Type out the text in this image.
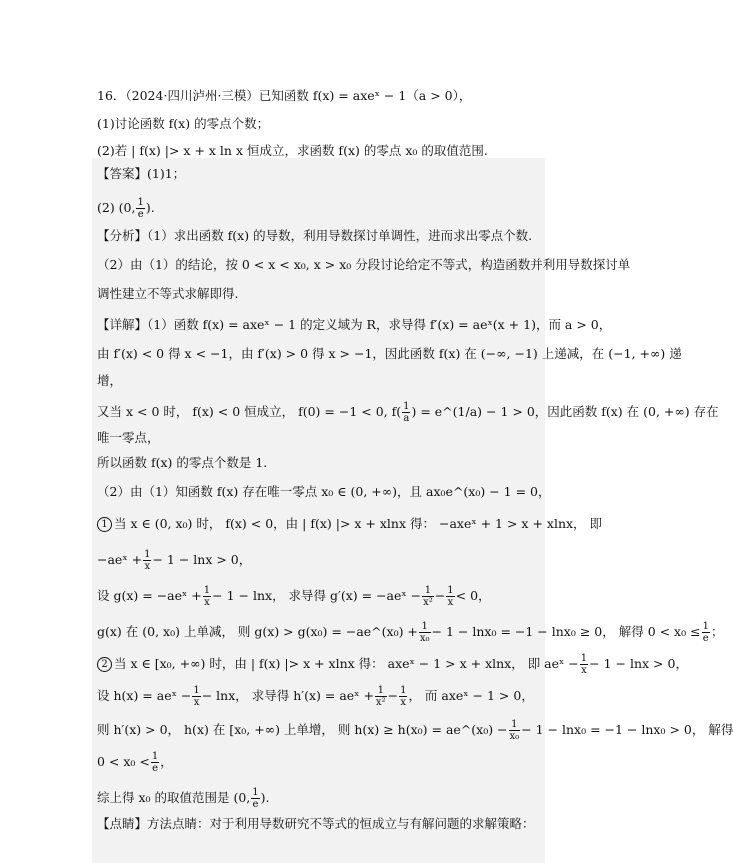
16．（2024·四川泸州·三模）已知函数 f(x) = axeˣ − 1（a > 0），
(1)讨论函数 f(x) 的零点个数；
(2)若 | f(x) |> x + x ln x 恒成立，求函数 f(x) 的零点 x₀ 的取值范围.
【答案】(1)1；
(2) (0, $\frac{1}{e}$ ).
【分析】（1）求出函数 f(x) 的导数，利用导数探讨单调性，进而求出零点个数.
（2）由（1）的结论，按 0 < x < x₀, x > x₀ 分段讨论给定不等式，构造函数并利用导数探讨单
调性建立不等式求解即得.
【详解】（1）函数 f(x) = axeˣ − 1 的定义域为 R，求导得 f′(x) = aeˣ(x + 1)，而 a > 0，
由 f′(x) < 0 得 x < −1，由 f′(x) > 0 得 x > −1，因此函数 f(x) 在 (−∞, −1) 上递减，在 (−1, +∞) 递
增，
又当 x < 0 时， f(x) < 0 恒成立， f(0) = −1 < 0, $f( \frac{1}{a}$ ) = e^(1/a) − 1 > 0，因此函数 f(x) 在 (0, +∞) 存在
唯一零点，
所以函数 f(x) 的零点个数是 1.
（2）由（1）知函数 f(x) 存在唯一零点 x₀ ∈ (0, +∞)，且 ax₀e^(x₀) − 1 = 0，
1 当 x ∈ (0, x₀) 时， f(x) < 0，由 | f(x) |> x + xlnx 得： −axeˣ + 1 > x + xlnx， 即
−aeˣ + $\frac{1}{x} - 1 - \ln x > 0$，
设 g(x) = −aeˣ + $\frac{1}{x} - 1 - \ln x$， 求导得 g′(x) = −aeˣ − $\frac{1}{\text{x²}} - \frac{1}{x} < 0$，
g(x) 在 (0, x₀) 上单减， 则 g(x) > g(x₀) = −ae^(x₀) + $\frac{1}{\text{x₀}} - 1 - \ln x_0 = -1 - \ln x_0 \ge 0$， 解得 $0 < x_0 \le \frac{1}{e}$ ；
2 当 x ∈ [x₀, +∞) 时，由 | f(x) |> x + xlnx 得： axeˣ − 1 > x + xlnx， 即 aeˣ − $\frac{1}{x} - 1 - \ln x > 0$，
设 h(x) = aeˣ − $\frac{1}{x} - \ln x$， 求导得 h′(x) = aeˣ + $\frac{1}{\text{x²}} - \frac{1}{x}$ ， 而 axeˣ − 1 > 0，
则 h′(x) > 0， h(x) 在 [x₀, +∞) 上单增， 则 h(x) ≥ h(x₀) = ae^(x₀) − $\frac{1}{\text{x₀}} - 1 - \ln x_0 = -1 - \ln x_0 > 0$， 解得
$0 < x_0 < \frac{1}{e}$ ，
综上得 x₀ 的取值范围是 (0, $\frac{1}{e}$ ).
【点睛】方法点睛：对于利用导数研究不等式的恒成立与有解问题的求解策略：
